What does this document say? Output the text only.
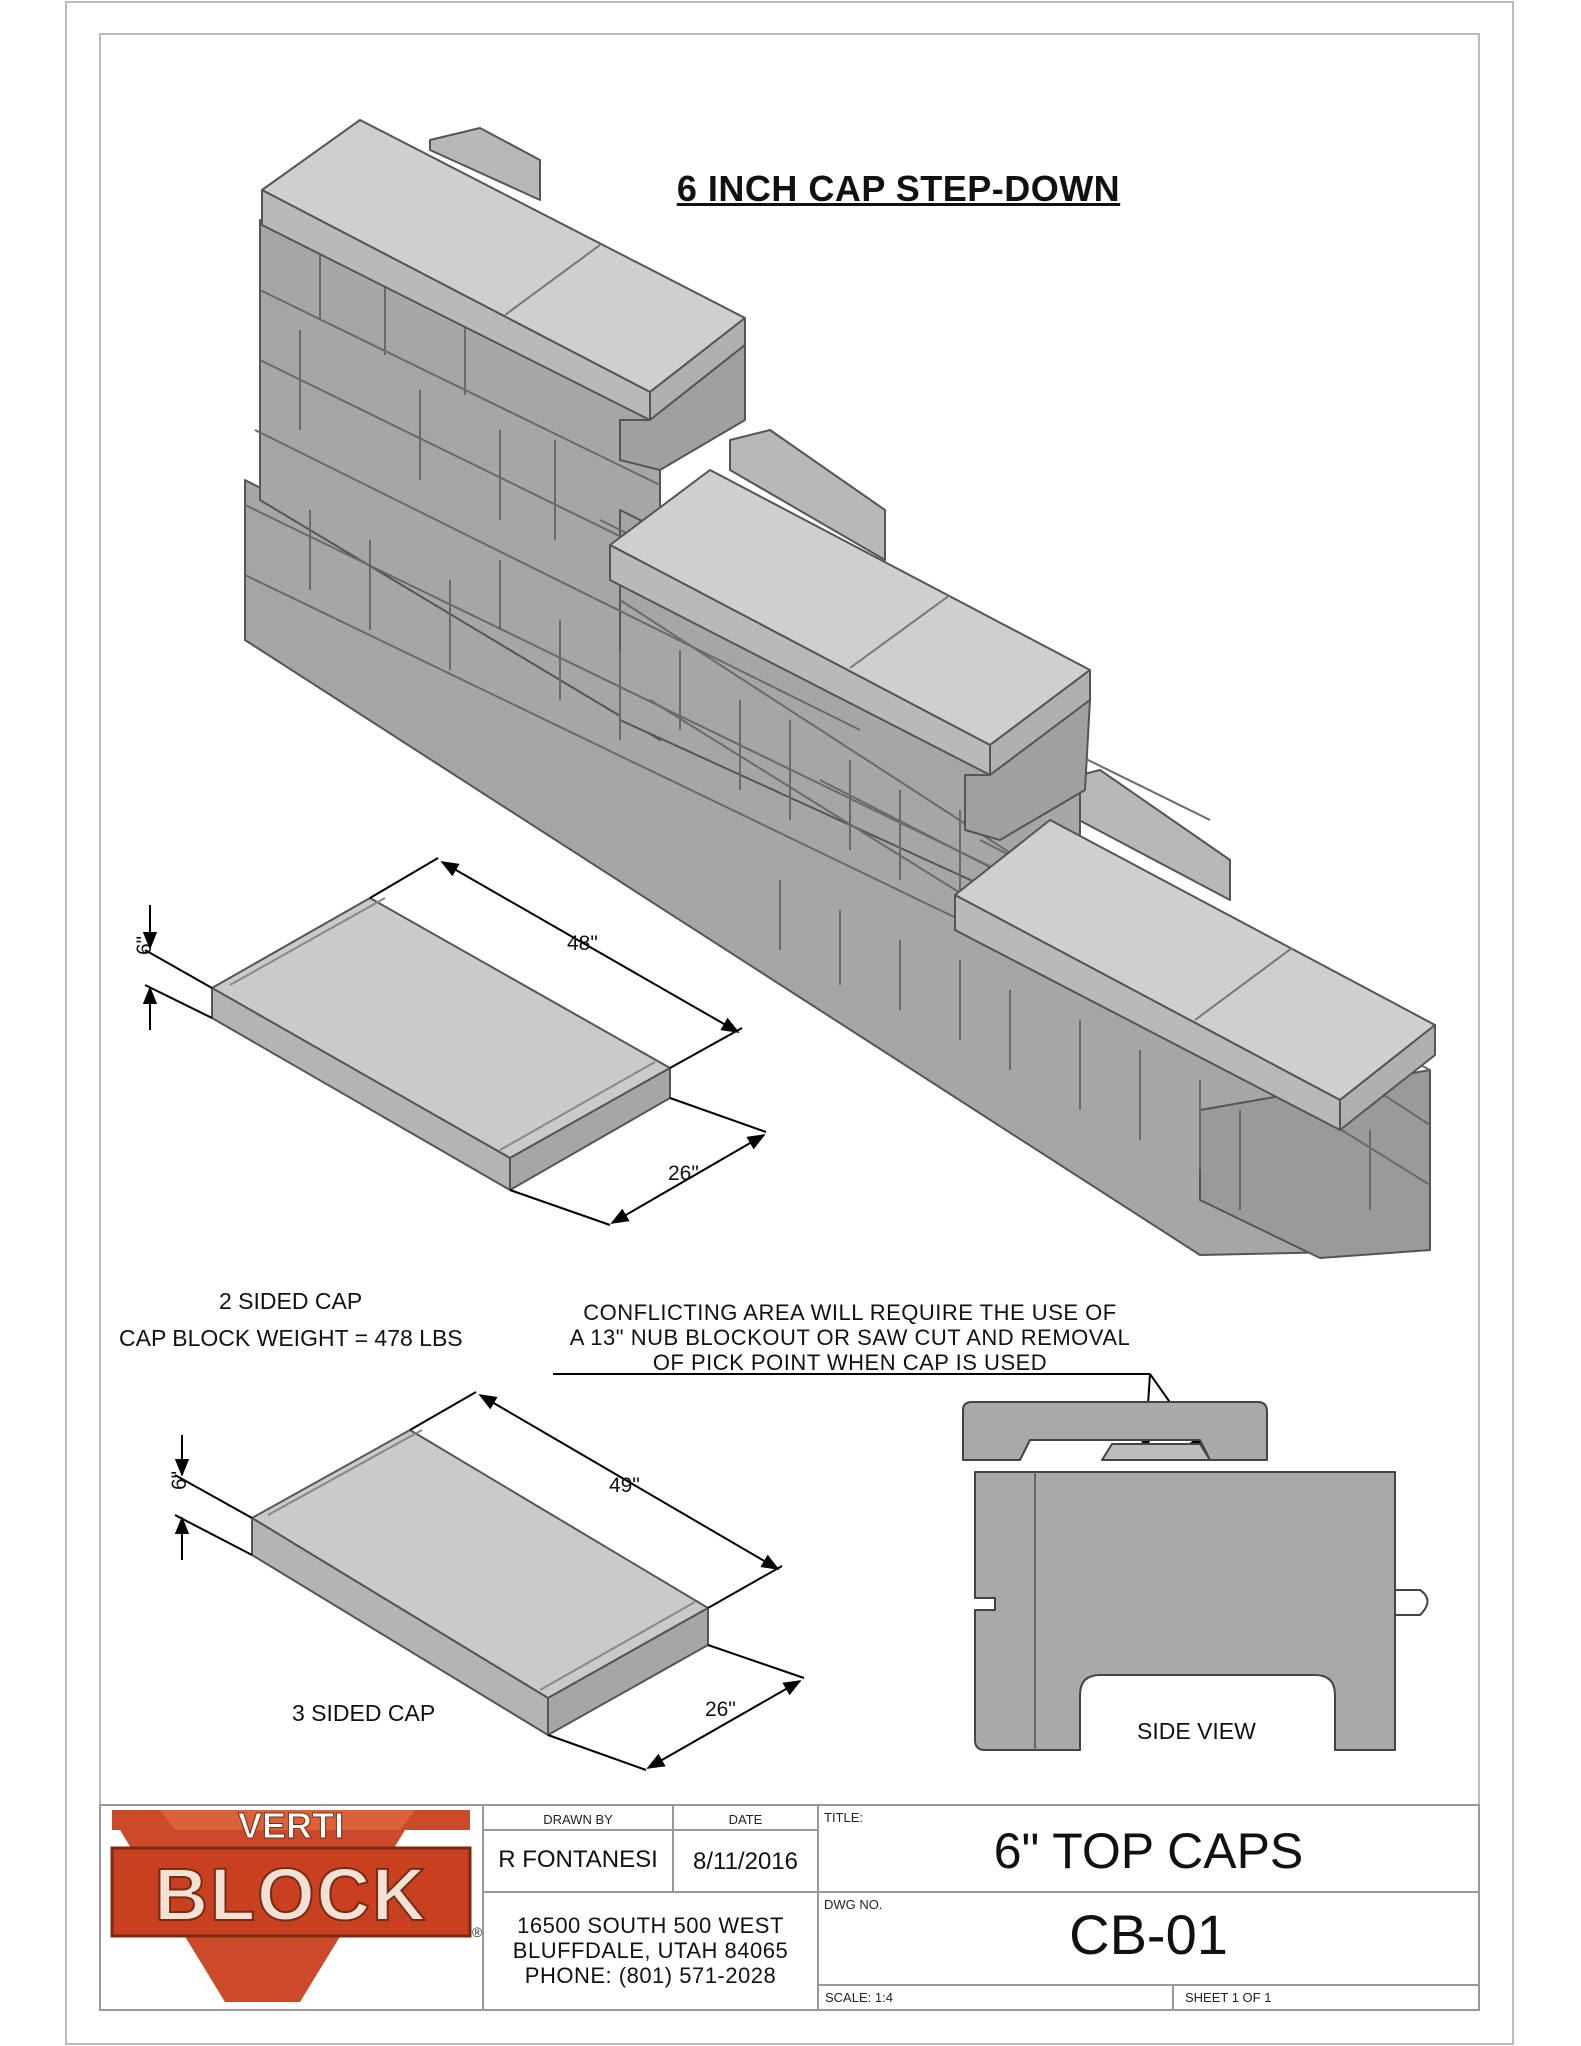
VERTI
BLOCK	®
6 INCH CAP STEP-DOWN
48"
26"
6"
2 SIDED CAP
CAP BLOCK WEIGHT = 478 LBS
49"
26"
6"
3 SIDED CAP
CONFLICTING AREA WILL REQUIRE THE USE OF
A 13" NUB BLOCKOUT OR SAW CUT AND REMOVAL
OF PICK POINT WHEN CAP IS USED
SIDE VIEW
DRAWN BY	DATE
R FONTANESI	8/11/2016
16500 SOUTH 500 WEST
BLUFFDALE, UTAH 84065
PHONE: (801) 571-2028
TITLE:
6" TOP CAPS
DWG NO.	CB-01
SCALE: 1:4	SHEET 1 OF 1
